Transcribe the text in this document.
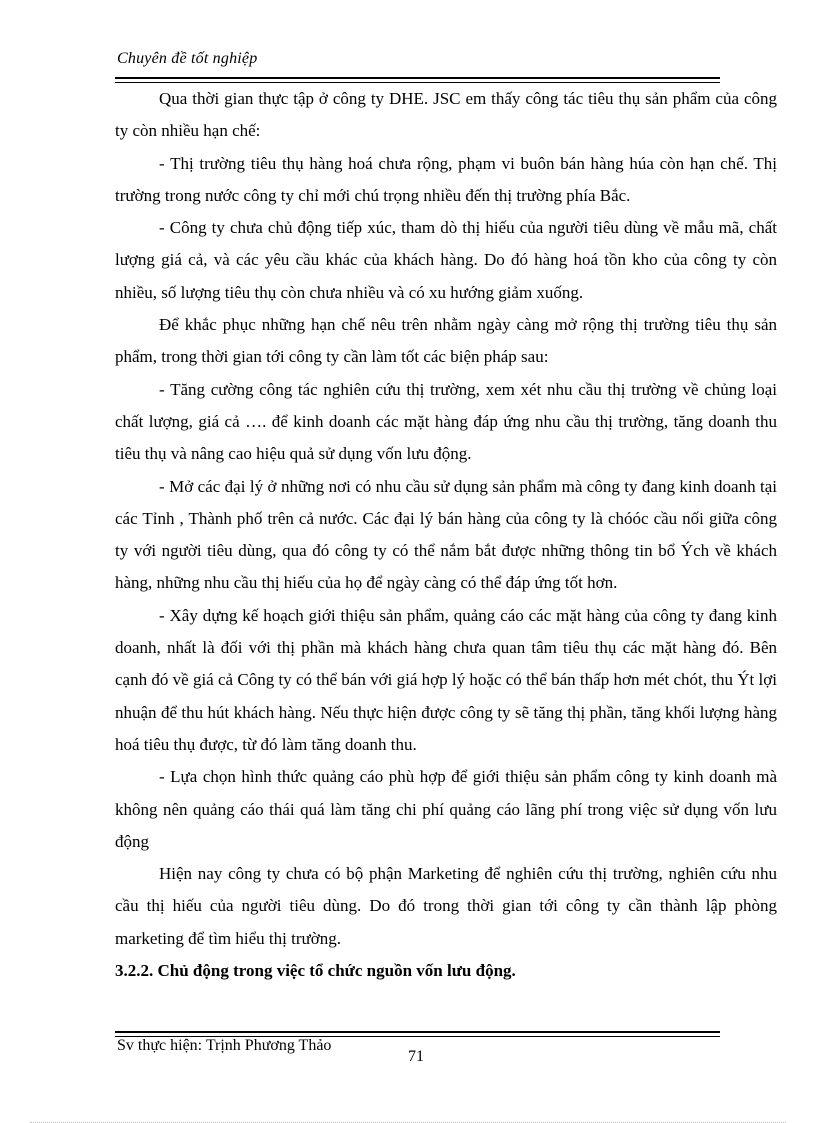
Chuyên đề tốt nghiệp

Qua thời gian thực tập ở công ty DHE. JSC em thấy công tác tiêu thụ sản phẩm của công ty còn nhiều hạn chế:

- Thị trường tiêu thụ hàng hoá chưa rộng, phạm vi buôn bán hàng húa còn hạn chế. Thị trường trong nước công ty chỉ mới chú trọng nhiều đến thị trường phía Bắc.

- Công ty chưa chủ động tiếp xúc, tham dò thị hiếu của người tiêu dùng về mẫu mã, chất lượng giá cả, và các yêu cầu khác của khách hàng. Do đó hàng hoá tồn kho của công ty còn nhiều, số lượng tiêu thụ còn chưa nhiều và có xu hướng giảm xuống.

Để khắc phục những hạn chế nêu trên nhằm ngày càng mở rộng thị trường tiêu thụ sản phẩm, trong thời gian tới công ty cần làm tốt các biện pháp sau:

- Tăng cường công tác nghiên cứu thị trường, xem xét nhu cầu thị trường về chủng loại chất lượng, giá cả …. để kinh doanh các mặt hàng đáp ứng nhu cầu thị trường, tăng doanh thu tiêu thụ và nâng cao hiệu quả sử dụng vốn lưu động.

- Mở các đại lý ở những nơi có nhu cầu sử dụng sản phẩm mà công ty đang kinh doanh tại các Tỉnh , Thành phố trên cả nước. Các đại lý bán hàng của công ty là chóóc cầu nối giữa công ty với người tiêu dùng, qua đó công ty có thể nắm bắt được những thông tin bổ Ých về khách hàng, những nhu cầu thị hiếu của họ để ngày càng có thể đáp ứng tốt hơn.

- Xây dựng kế hoạch giới thiệu sản phẩm, quảng cáo các mặt hàng của công ty đang kinh doanh, nhất là đối với thị phần mà khách hàng chưa quan tâm tiêu thụ các mặt hàng đó. Bên cạnh đó về giá cả Công ty có thể bán với giá hợp lý hoặc có thể bán thấp hơn mét chót, thu Ýt lợi nhuận để thu hút khách hàng. Nếu thực hiện được công ty sẽ tăng thị phần, tăng khối lượng hàng hoá tiêu thụ được, từ đó làm tăng doanh thu.

- Lựa chọn hình thức quảng cáo phù hợp để giới thiệu sản phẩm công ty kinh doanh mà không nên quảng cáo thái quá làm tăng chi phí quảng cáo lãng phí trong việc sử dụng vốn lưu động

Hiện nay công ty chưa có bộ phận Marketing để nghiên cứu thị trường, nghiên cứu nhu cầu thị hiếu của người tiêu dùng. Do đó trong thời gian tới công ty cần thành lập phòng marketing để tìm hiểu thị trường.

3.2.2. Chủ động trong việc tổ chức nguồn vốn lưu động.
Sv thực hiện: Trịnh Phương Thảo
71
